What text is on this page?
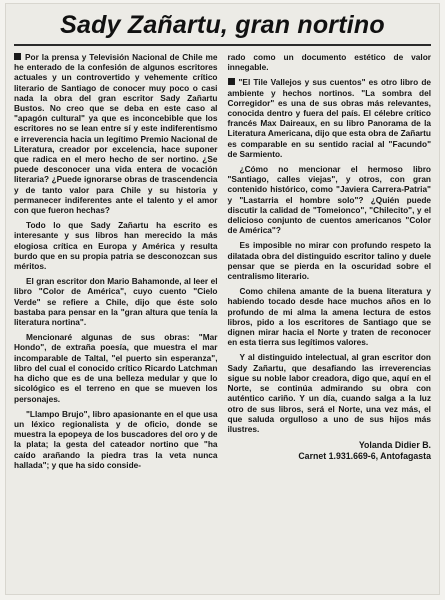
Sady Zañartu, gran nortino

Por la prensa y Televisión Nacional de Chile me he enterado de la confesión de algunos escritores actuales y un controvertido y vehemente crítico literario de Santiago de conocer muy poco o casi nada la obra del gran escritor Sady Zañartu Bustos. No creo que se deba en este caso al "apagón cultural" ya que es inconcebible que los escritores no se lean entre sí y este indiferentismo e irreverencia hacia un legítimo Premio Nacional de Literatura, creador por excelencia, hace suponer que radica en el mero hecho de ser nortino. ¿Se puede desconocer una vida entera de vocación literaria? ¿Puede ignorarse obras de trascendencia y de tanto valor para Chile y su historia y permanecer indiferentes ante el talento y el amor con que fueron hechas?

Todo lo que Sady Zañartu ha escrito es interesante y sus libros han merecido la más elogiosa crítica en Europa y América y resulta burdo que en su propia patria se desconozcan sus méritos.

El gran escritor don Mario Bahamonde, al leer el libro "Color de América", cuyo cuento "Cielo Verde" se refiere a Chile, dijo que éste solo bastaba para pensar en la "gran altura que tenía la literatura nortina".

Mencionaré algunas de sus obras: "Mar Hondo", de extraña poesía, que muestra el mar incomparable de Taltal, "el puerto sin esperanza", libro del cual el conocido crítico Ricardo Latchman ha dicho que es de una belleza medular y que lo sicológico es el terreno en que se mueven los personajes.

"Llampo Brujo", libro apasionante en el que usa un léxico regionalista y de oficio, donde se muestra la epopeya de los buscadores del oro y de la plata; la gesta del cateador nortino que "ha caído arañando la piedra tras la veta nunca hallada"; y que ha sido conside-

rado como un documento estético de valor innegable.

"El Tile Vallejos y sus cuentos" es otro libro de ambiente y hechos nortinos. "La sombra del Corregidor" es una de sus obras más relevantes, conocida dentro y fuera del país. El célebre crítico francés Max Daireaux, en su libro Panorama de la Literatura Americana, dijo que esta obra de Zañartu es comparable en su sentido racial al "Facundo" de Sarmiento.

¿Cómo no mencionar el hermoso libro "Santiago, calles viejas", y otros, con gran contenido histórico, como "Javiera Carrera-Patria" y "Lastarria el hombre solo"? ¿Quién puede discutir la calidad de "Tomeionco", "Chilecito", y el delicioso conjunto de cuentos americanos "Color de América"?

Es imposible no mirar con profundo respeto la dilatada obra del distinguido escritor talino y duele pensar que se pierda en la oscuridad sobre el centralismo literario.

Como chilena amante de la buena literatura y habiendo tocado desde hace muchos años en lo profundo de mi alma la amena lectura de estos libros, pido a los escritores de Santiago que se dignen mirar hacia el Norte y traten de reconocer en esta tierra sus legítimos valores.

Y al distinguido intelectual, al gran escritor don Sady Zañartu, que desafiando las irreverencias sigue su noble labor creadora, digo que, aquí en el Norte, se continúa admirando su obra con auténtico cariño. Y un día, cuando salga a la luz otro de sus libros, será el Norte, una vez más, el que saluda orgulloso a uno de sus hijos más ilustres.

Yolanda Didier B.
Carnet 1.931.669-6, Antofagasta
